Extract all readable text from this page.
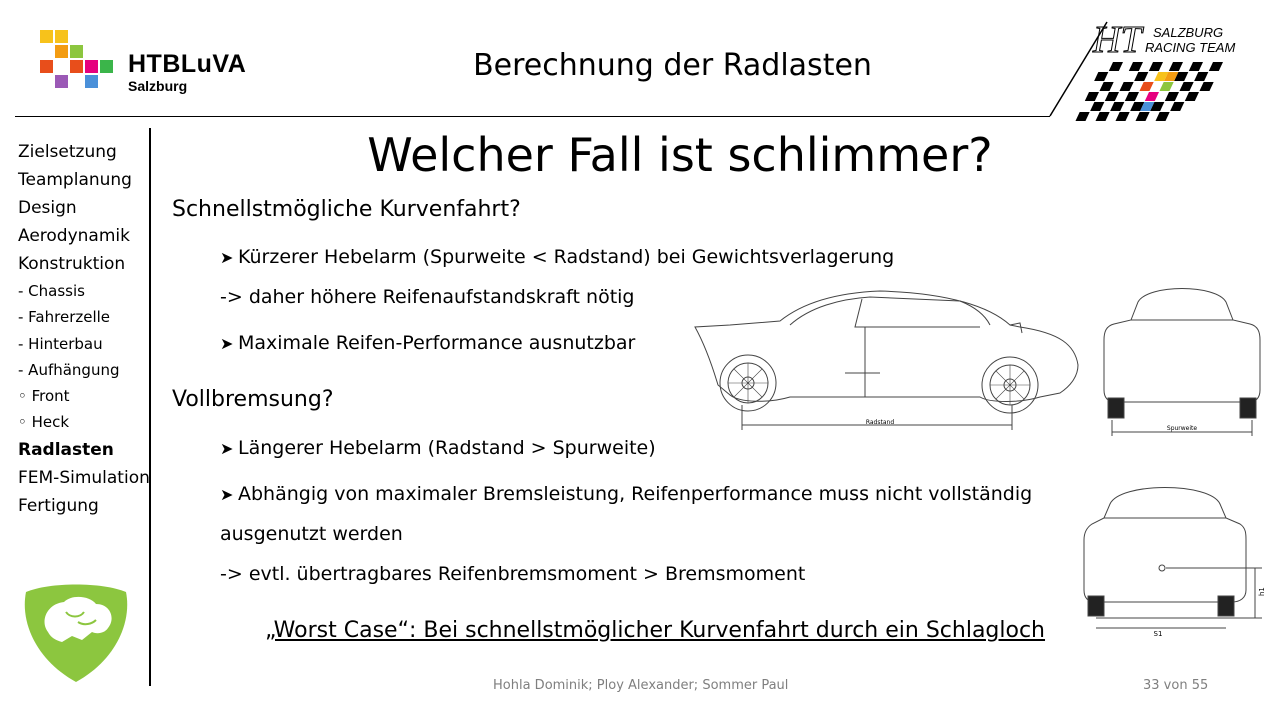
HTBLuVA
Salzburg
Berechnung der Radlasten
HT SALZBURG
RACING TEAM
Zielsetzung
Teamplanung
Design
Aerodynamik
Konstruktion
- Chassis
- Fahrerzelle
- Hinterbau
- Aufhängung
◦ Front
◦ Heck
Radlasten
FEM-Simulation
Fertigung
Welcher Fall ist schlimmer?
Schnellstmögliche Kurvenfahrt?
➤ Kürzerer Hebelarm (Spurweite < Radstand) bei Gewichtsverlagerung
-> daher höhere Reifenaufstandskraft nötig
➤ Maximale Reifen-Performance ausnutzbar
Vollbremsung?
➤ Längerer Hebelarm (Radstand > Spurweite)
➤ Abhängig von maximaler Bremsleistung, Reifenperformance muss nicht vollständig
ausgenutzt werden
-> evtl. übertragbares Reifenbremsmoment > Bremsmoment
„Worst Case“: Bei schnellstmöglicher Kurvenfahrt durch ein Schlagloch
Radstand
Spurweite
h1
S1
Hohla Dominik; Ploy Alexander; Sommer Paul	33 von 55
